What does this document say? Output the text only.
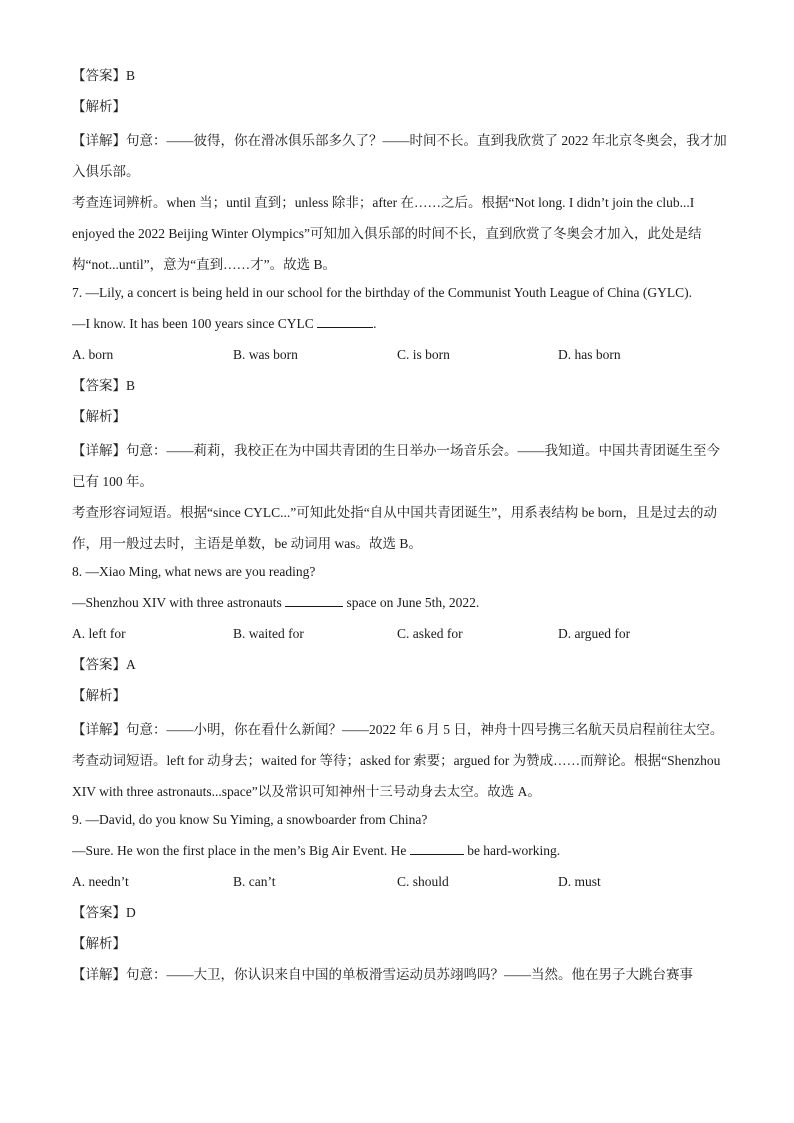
【答案】B
【解析】
【详解】句意：——彼得，你在滑冰俱乐部多久了？——时间不长。直到我欣赏了 2022 年北京冬奥会，我才加入俱乐部。
考查连词辨析。when 当；until 直到；unless 除非；after 在……之后。根据“Not long. I didn’t join the club...I enjoyed the 2022 Beijing Winter Olympics”可知加入俱乐部的时间不长，直到欣赏了冬奥会才加入，此处是结构“not...until”，意为“直到……才”。故选 B。
7. —Lily, a concert is being held in our school for the birthday of the Communist Youth League of China (GYLC).
—I know. It has been 100 years since CYLC	.
A. born	B. was born	C. is born	D. has born
【答案】B
【解析】
【详解】句意：——莉莉，我校正在为中国共青团的生日举办一场音乐会。——我知道。中国共青团诞生至今已有 100 年。
考查形容词短语。根据“since CYLC...”可知此处指“自从中国共青团诞生”，用系表结构 be born，且是过去的动作，用一般过去时，主语是单数，be 动词用 was。故选 B。
8. —Xiao Ming, what news are you reading?
—Shenzhou XIV with three astronauts	space on June 5th, 2022.
A. left for	B. waited for	C. asked for	D. argued for
【答案】A
【解析】
【详解】句意：——小明，你在看什么新闻？——2022 年 6 月 5 日，神舟十四号携三名航天员启程前往太空。
考查动词短语。left for 动身去；waited for 等待；asked for 索要；argued for 为赞成……而辩论。根据“Shenzhou XIV with three astronauts...space”以及常识可知神州十三号动身去太空。故选 A。
9. —David, do you know Su Yiming, a snowboarder from China?
—Sure. He won the first place in the men’s Big Air Event. He	be hard-working.
A. needn’t	B. can’t	C. should	D. must
【答案】D
【解析】
【详解】句意：——大卫，你认识来自中国的单板滑雪运动员苏翊鸣吗？——当然。他在男子大跳台赛事
